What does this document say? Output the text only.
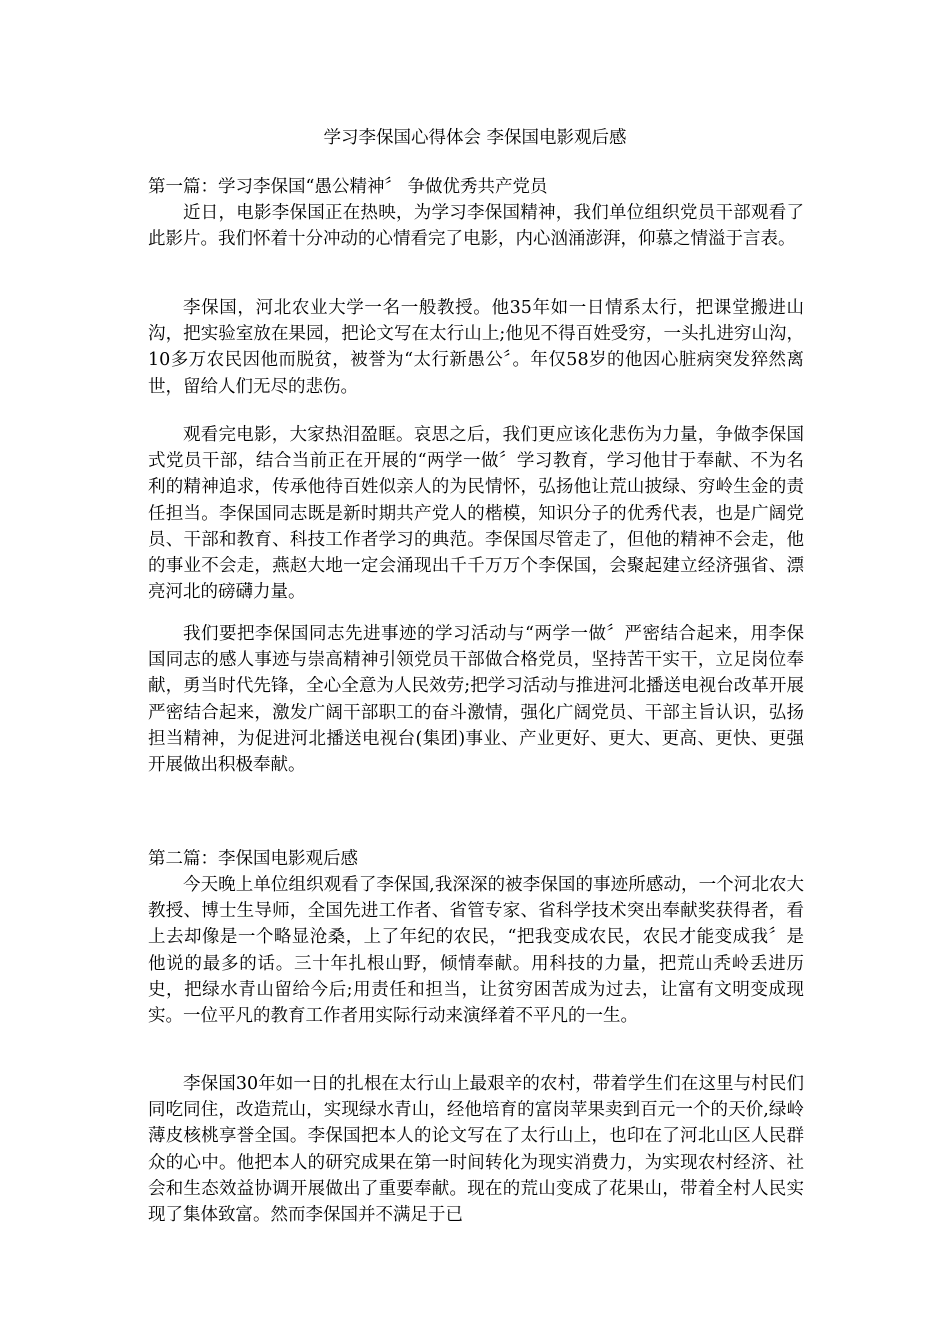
学习李保国心得体会 李保国电影观后感
第一篇：学习李保国“愚公精神〞 争做优秀共产党员

近日，电影李保国正在热映，为学习李保国精神，我们单位组织党员干部观看了此影片。我们怀着十分冲动的心情看完了电影，内心汹涌澎湃，仰慕之情溢于言表。

李保国，河北农业大学一名一般教授。他35年如一日情系太行，把课堂搬进山沟，把实验室放在果园，把论文写在太行山上;他见不得百姓受穷，一头扎进穷山沟，10多万农民因他而脱贫，被誉为“太行新愚公〞。年仅58岁的他因心脏病突发猝然离世，留给人们无尽的悲伤。

观看完电影，大家热泪盈眶。哀思之后，我们更应该化悲伤为力量，争做李保国式党员干部，结合当前正在开展的“两学一做〞学习教育，学习他甘于奉献、不为名利的精神追求，传承他待百姓似亲人的为民情怀，弘扬他让荒山披绿、穷岭生金的责任担当。李保国同志既是新时期共产党人的楷模，知识分子的优秀代表，也是广阔党员、干部和教育、科技工作者学习的典范。李保国尽管走了，但他的精神不会走，他的事业不会走，燕赵大地一定会涌现出千千万万个李保国，会聚起建立经济强省、漂亮河北的磅礴力量。

我们要把李保国同志先进事迹的学习活动与“两学一做〞严密结合起来，用李保国同志的感人事迹与崇高精神引领党员干部做合格党员，坚持苦干实干，立足岗位奉献，勇当时代先锋，全心全意为人民效劳;把学习活动与推进河北播送电视台改革开展严密结合起来，激发广阔干部职工的奋斗激情，强化广阔党员、干部主旨认识，弘扬担当精神，为促进河北播送电视台(集团)事业、产业更好、更大、更高、更快、更强开展做出积极奉献。

第二篇：李保国电影观后感

今天晚上单位组织观看了李保国,我深深的被李保国的事迹所感动，一个河北农大教授、博士生导师，全国先进工作者、省管专家、省科学技术突出奉献奖获得者，看上去却像是一个略显沧桑，上了年纪的农民，“把我变成农民，农民才能变成我〞是他说的最多的话。三十年扎根山野，倾情奉献。用科技的力量，把荒山秃岭丢进历史，把绿水青山留给今后;用责任和担当，让贫穷困苦成为过去，让富有文明变成现实。一位平凡的教育工作者用实际行动来演绎着不平凡的一生。

李保国30年如一日的扎根在太行山上最艰辛的农村，带着学生们在这里与村民们同吃同住，改造荒山，实现绿水青山，经他培育的富岗苹果卖到百元一个的天价,绿岭薄皮核桃享誉全国。李保国把本人的论文写在了太行山上，也印在了河北山区人民群众的心中。他把本人的研究成果在第一时间转化为现实消费力，为实现农村经济、社会和生态效益协调开展做出了重要奉献。现在的荒山变成了花果山，带着全村人民实现了集体致富。然而李保国并不满足于已
